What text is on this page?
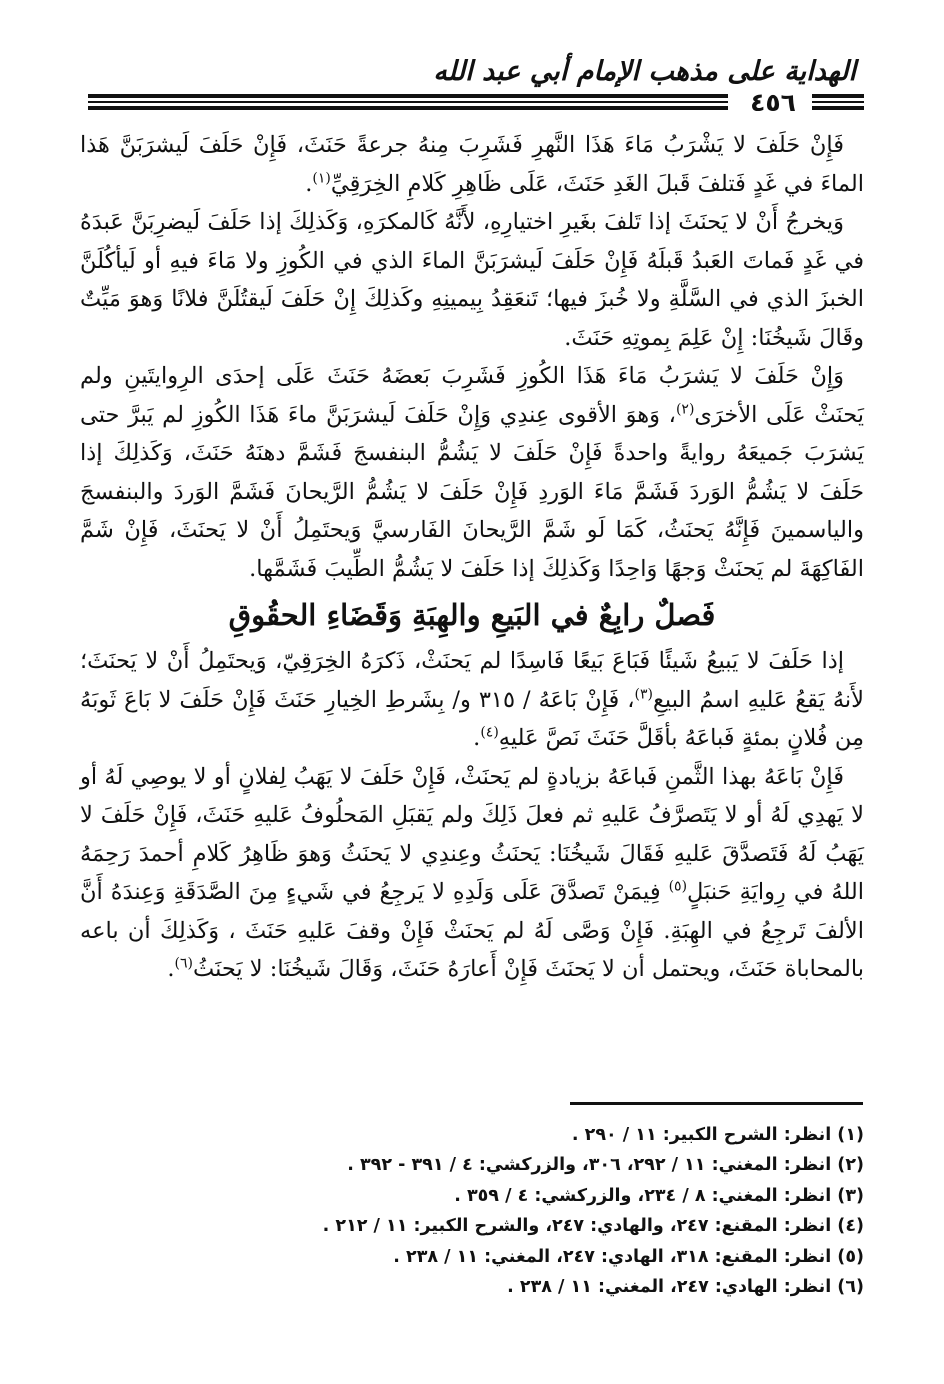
الهداية على مذهب الإمام أبي عبد الله
٤٥٦

فَإِنْ حَلَفَ لا يَشْرَبُ مَاءَ هَذَا النَّهرِ فَشَرِبَ مِنهُ جرعةً حَنَثَ، فَإِنْ حَلَفَ لَيشرَبَنَّ هَذا الماءَ في غَدٍ فَتلفَ قَبلَ الغَدِ حَنَثَ، عَلَى ظَاهِرِ كَلامِ الخِرَقِيِّ$^{(١)}$.

وَيخرجُ أَنْ لا يَحنَثَ إذا تَلفَ بغَيرِ اختيارِهِ، لأَنَّهُ كَالمكرَهِ، وَكَذلِكَ إذا حَلَفَ لَيضرِبَنَّ عَبدَهُ في غَدٍ فَماتَ العَبدُ قَبلَهُ فَإِنْ حَلَفَ لَيشرَبَنَّ الماءَ الذي في الكُوزِ ولا مَاءَ فيهِ أو لَيأكُلَنَّ الخبزَ الذي في السَّلَّةِ ولا خُبزَ فيها؛ تَنعَقِدُ بِيمينِهِ وكَذلِكَ إِنْ حَلَفَ لَيقتُلَنَّ فلانًا وَهوَ مَيِّتٌ وقَالَ شَيخُنَا: إِنْ عَلِمَ بِموتِهِ حَنَثَ.

وَإِنْ حَلَفَ لا يَشرَبُ مَاءَ هَذَا الكُوزِ فَشَرِبَ بَعضَهُ حَنَثَ عَلَى إحدَى الرِوايتَينِ ولم يَحنَثْ عَلَى الأخرَى$^{(٢)}$، وَهوَ الأقوى عِندِي وَإِنْ حَلَفَ لَيشرَبَنَّ ماءَ هَذَا الكُوزِ لم يَبرَّ حتى يَشرَبَ جَميعَهُ روايةً واحدةً فَإِنْ حَلَفَ لا يَشُمُّ البنفسجَ فَشَمَّ دهنَهُ حَنَثَ، وَكَذلِكَ إذا حَلَفَ لا يَشُمُّ الوَردَ فَشَمَّ مَاءَ الوَردِ فَإِنْ حَلَفَ لا يَشُمُّ الرَّيحانَ فَشَمَّ الوَردَ والبنفسجَ والياسمينَ فَإِنَّهُ يَحنَثُ، كَمَا لَو شَمَّ الرَّيحانَ الفَارسيَّ وَيحتَمِلُ أَنْ لا يَحنَثَ، فَإِنْ شَمَّ الفَاكِهَةَ لم يَحنَثْ وَجهًا وَاحِدًا وَكَذلِكَ إذا حَلَفَ لا يَشُمُّ الطِّيبَ فَشَمَّها.

فَصلٌ رابِعٌ في البَيعِ والهِبَةِ وَقَضَاءِ الحقُوقِ

إذا حَلَفَ لا يَبيعُ شَيئًا فَبَاعَ بَيعًا فَاسِدًا لم يَحنَثْ، ذَكرَهُ الخِرَقِيّ، وَيحتَمِلُ أَنْ لا يَحنَثَ؛ لأَنهُ يَقعُ عَليهِ اسمُ البيعِ$^{(٣)}$، فَإِنْ بَاعَهُ / ٣١٥ و/ بِشَرطِ الخِيارِ حَنَثَ فَإِنْ حَلَفَ لا بَاعَ ثَوبَهُ مِن فُلانٍ بمئةٍ فَباعَهُ بأقَلَّ حَنَثَ نَصَّ عَليهِ$^{(٤)}$.

فَإِنْ بَاعَهُ بهذا الثَّمنِ فَباعَهُ بزيادةٍ لم يَحنَثْ، فَإِنْ حَلَفَ لا يَهَبُ لِفلانٍ أو لا يوصِي لَهُ أو لا يَهدِي لَهُ أو لا يَتَصرَّفُ عَليهِ ثم فعلَ ذَلِكَ ولم يَقبَلِ المَحلُوفُ عَليهِ حَنَثَ، فَإِنْ حَلَفَ لا يَهَبُ لَهُ فَتَصدَّقَ عَليهِ فَقَالَ شَيخُنَا: يَحنَثُ وعِندِي لا يَحنَثُ وَهوَ ظَاهِرُ كَلامِ أحمدَ رَحِمَهُ اللهُ في رِوايَةِ حَنبَلٍ$^{(٥)}$ فِيمَنْ تَصدَّقَ عَلَى وَلَدِهِ لا يَرجِعُ في شَيءٍ مِنَ الصَّدَقَةِ وَعِندَهُ أَنَّ الألفَ تَرجِعُ في الهِبَةِ. فَإِنْ وَصَّى لَهُ لم يَحنَثْ فَإِنْ وقفَ عَليهِ حَنَثَ ، وَكَذلِكَ أن باعه بالمحاباة حَنَثَ، ويحتمل أن لا يَحنَثَ فَإِنْ أَعارَهُ حَنَثَ، وَقَالَ شَيخُنَا: لا يَحنَثُ$^{(٦)}$.

(١) انظر: الشرح الكبير: ١١ / ٢٩٠ .
(٢) انظر: المغني: ١١ / ٢٩٢، ٣٠٦، والزركشي: ٤ / ٣٩١ - ٣٩٢ .
(٣) انظر: المغني: ٨ / ٢٣٤، والزركشي: ٤ / ٣٥٩ .
(٤) انظر: المقنع: ٢٤٧، والهادي: ٢٤٧، والشرح الكبير: ١١ / ٢١٢ .
(٥) انظر: المقنع: ٣١٨، الهادي: ٢٤٧، المغني: ١١ / ٢٣٨ .
(٦) انظر: الهادي: ٢٤٧، المغني: ١١ / ٢٣٨ .
